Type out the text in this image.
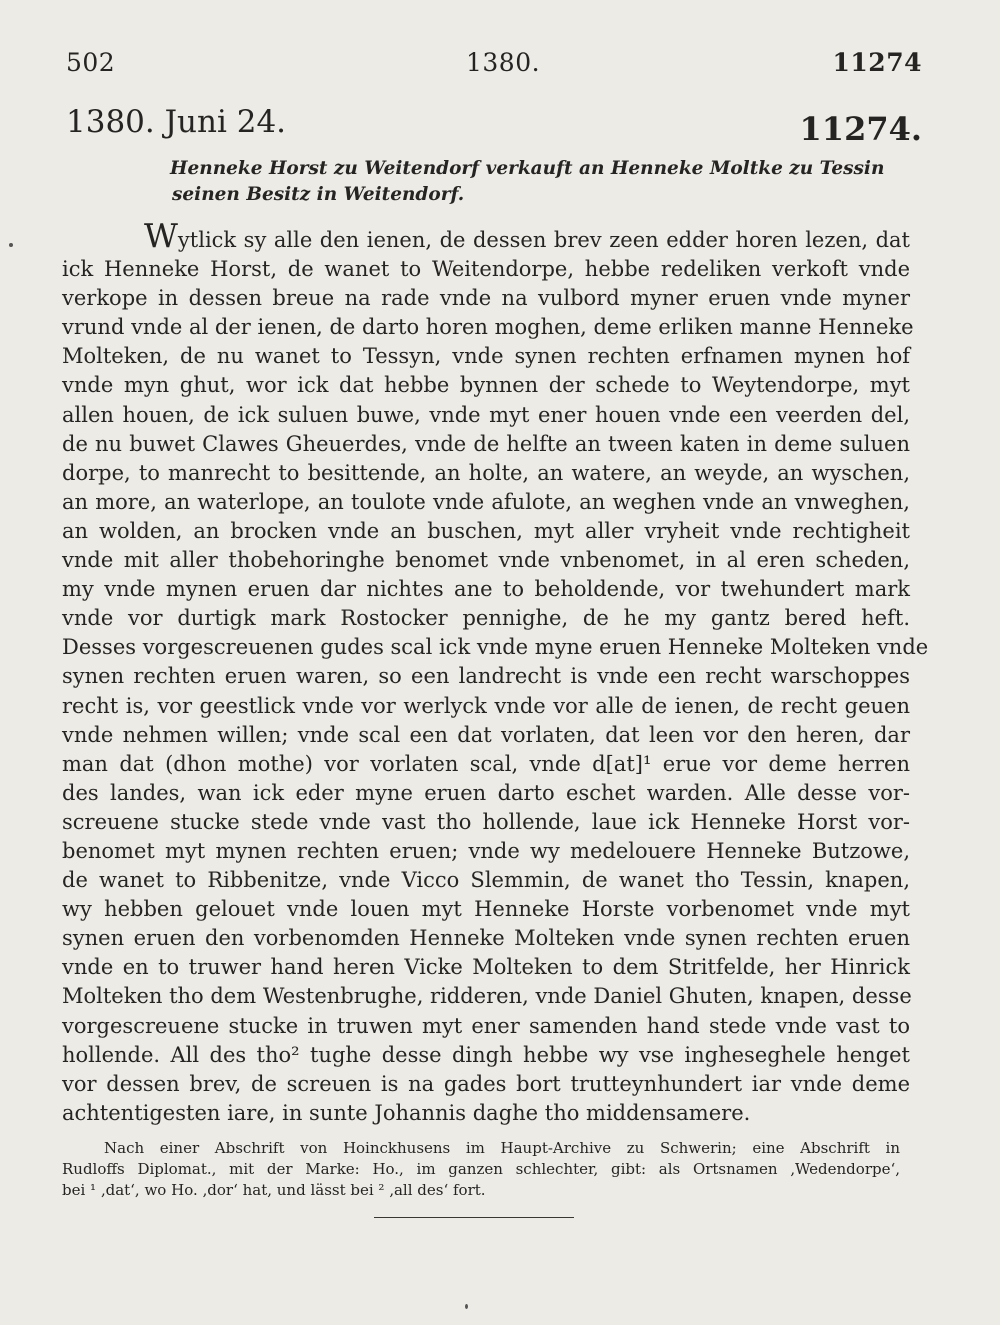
502	1380.	11274
1380. Juni 24.	11274.
Henneke Horst zu Weitendorf verkauft an Henneke Moltke zu Tessin
seinen Besitz in Weitendorf.
Wytlick sy alle den ienen, de dessen brev zeen edder horen lezen, dat
ick Henneke Horst, de wanet to Weitendorpe, hebbe redeliken verkoft vnde
verkope in dessen breue na rade vnde na vulbord myner eruen vnde myner
vrund vnde al der ienen, de darto horen moghen, deme erliken manne Henneke
Molteken, de nu wanet to Tessyn, vnde synen rechten erfnamen mynen hof
vnde myn ghut, wor ick dat hebbe bynnen der schede to Weytendorpe, myt
allen houen, de ick suluen buwe, vnde myt ener houen vnde een veerden del,
de nu buwet Clawes Gheuerdes, vnde de helfte an tween katen in deme suluen
dorpe, to manrecht to besittende, an holte, an watere, an weyde, an wyschen,
an more, an waterlope, an toulote vnde afulote, an weghen vnde an vnweghen,
an wolden, an brocken vnde an buschen, myt aller vryheit vnde rechtigheit
vnde mit aller thobehoringhe benomet vnde vnbenomet, in al eren scheden,
my vnde mynen eruen dar nichtes ane to beholdende, vor twehundert mark
vnde vor durtigk mark Rostocker pennighe, de he my gantz bered heft.
Desses vorgescreuenen gudes scal ick vnde myne eruen Henneke Molteken vnde
synen rechten eruen waren, so een landrecht is vnde een recht warschoppes
recht is, vor geestlick vnde vor werlyck vnde vor alle de ienen, de recht geuen
vnde nehmen willen; vnde scal een dat vorlaten, dat leen vor den heren, dar
man dat (dhon mothe) vor vorlaten scal, vnde d[at]¹ erue vor deme herren
des landes, wan ick eder myne eruen darto eschet warden. Alle desse vor-
screuene stucke stede vnde vast tho hollende, laue ick Henneke Horst vor-
benomet myt mynen rechten eruen; vnde wy medelouere Henneke Butzowe,
de wanet to Ribbenitze, vnde Vicco Slemmin, de wanet tho Tessin, knapen,
wy hebben gelouet vnde louen myt Henneke Horste vorbenomet vnde myt
synen eruen den vorbenomden Henneke Molteken vnde synen rechten eruen
vnde en to truwer hand heren Vicke Molteken to dem Stritfelde, her Hinrick
Molteken tho dem Westenbrughe, ridderen, vnde Daniel Ghuten, knapen, desse
vorgescreuene stucke in truwen myt ener samenden hand stede vnde vast to
hollende. All des tho² tughe desse dingh hebbe wy vse ingheseghele henget
vor dessen brev, de screuen is na gades bort trutteynhundert iar vnde deme
achtentigesten iare, in sunte Johannis daghe tho middensamere.
Nach einer Abschrift von Hoinckhusens im Haupt-Archive zu Schwerin; eine Abschrift in
Rudloffs Diplomat., mit der Marke: Ho., im ganzen schlechter, gibt: als Ortsnamen ‚Wedendorpe‘,
bei ¹ ‚dat‘, wo Ho. ‚dor‘ hat, und lässt bei ² ‚all des‘ fort.
